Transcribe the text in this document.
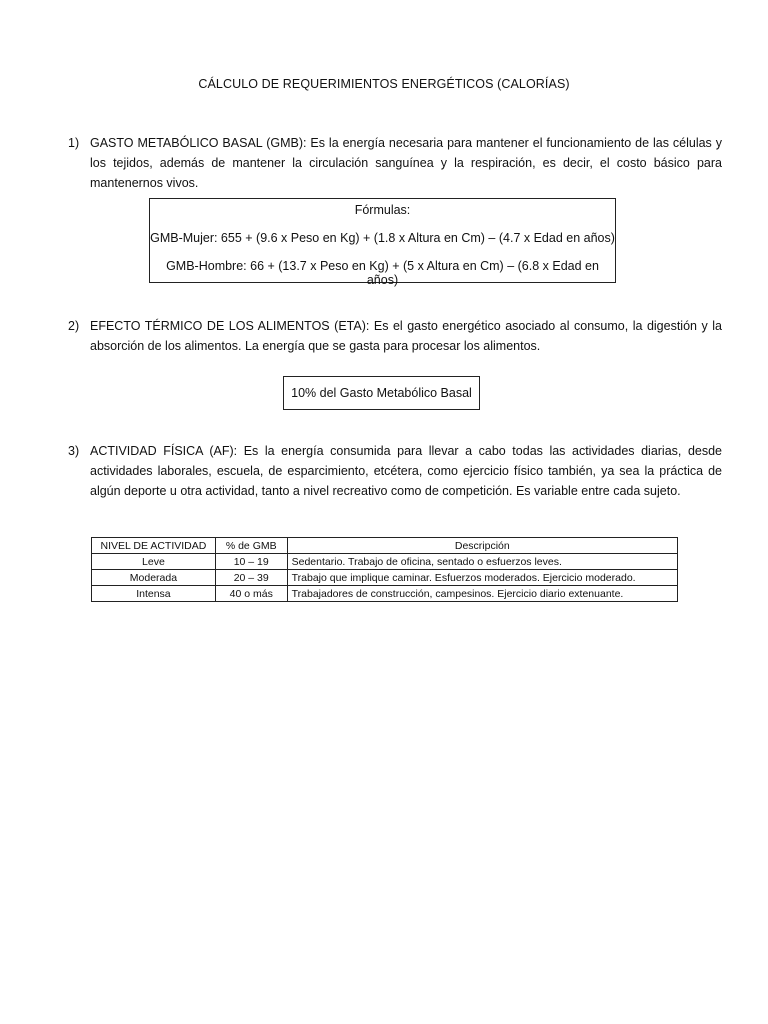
CÁLCULO DE REQUERIMIENTOS ENERGÉTICOS (CALORÍAS)
1) GASTO METABÓLICO BASAL (GMB): Es la energía necesaria para mantener el funcionamiento de las células y los tejidos, además de mantener la circulación sanguínea y la respiración, es decir, el costo básico para mantenernos vivos.
Fórmulas:
GMB-Mujer: 655 + (9.6 x Peso en Kg) + (1.8 x Altura en Cm) – (4.7 x Edad en años)
GMB-Hombre: 66 + (13.7 x Peso en Kg) + (5 x Altura en Cm) – (6.8 x Edad en años)
2) EFECTO TÉRMICO DE LOS ALIMENTOS (ETA): Es el gasto energético asociado al consumo, la digestión y la absorción de los alimentos. La energía que se gasta para procesar los alimentos.
10% del Gasto Metabólico Basal
3) ACTIVIDAD FÍSICA (AF): Es la energía consumida para llevar a cabo todas las actividades diarias, desde actividades laborales, escuela, de esparcimiento, etcétera, como ejercicio físico también, ya sea la práctica de algún deporte u otra actividad, tanto a nivel recreativo como de competición. Es variable entre cada sujeto.
NIVEL DE ACTIVIDAD	% de GMB	Descripción
Leve	10 – 19	Sedentario. Trabajo de oficina, sentado o esfuerzos leves.
Moderada	20 – 39	Trabajo que implique caminar. Esfuerzos moderados. Ejercicio moderado.
Intensa	40 o más	Trabajadores de construcción, campesinos. Ejercicio diario extenuante.
